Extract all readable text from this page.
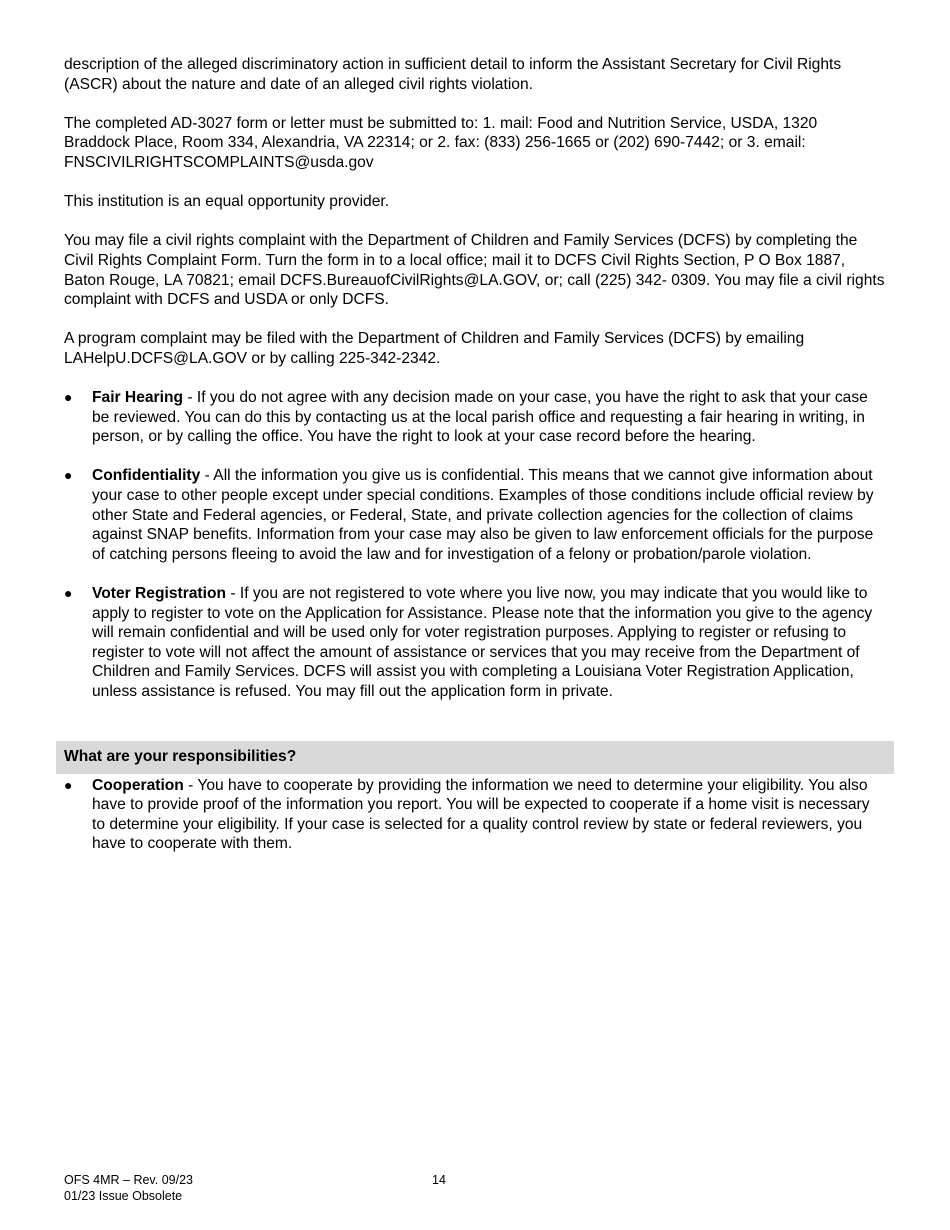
description of the alleged discriminatory action in sufficient detail to inform the Assistant Secretary for Civil Rights (ASCR) about the nature and date of an alleged civil rights violation.

The completed AD-3027 form or letter must be submitted to: 1. mail: Food and Nutrition Service, USDA, 1320 Braddock Place, Room 334, Alexandria, VA 22314; or 2. fax: (833) 256-1665 or (202) 690-7442; or 3. email: FNSCIVILRIGHTSCOMPLAINTS@usda.gov

This institution is an equal opportunity provider.

You may file a civil rights complaint with the Department of Children and Family Services (DCFS) by completing the Civil Rights Complaint Form. Turn the form in to a local office; mail it to DCFS Civil Rights Section, P O Box 1887, Baton Rouge, LA 70821; email DCFS.BureauofCivilRights@LA.GOV, or; call (225) 342- 0309. You may file a civil rights complaint with DCFS and USDA or only DCFS.

A program complaint may be filed with the Department of Children and Family Services (DCFS) by emailing LAHelpU.DCFS@LA.GOV or by calling 225-342-2342.

● Fair Hearing - If you do not agree with any decision made on your case, you have the right to ask that your case be reviewed. You can do this by contacting us at the local parish office and requesting a fair hearing in writing, in person, or by calling the office. You have the right to look at your case record before the hearing.
● Confidentiality - All the information you give us is confidential. This means that we cannot give information about your case to other people except under special conditions. Examples of those conditions include official review by other State and Federal agencies, or Federal, State, and private collection agencies for the collection of claims against SNAP benefits. Information from your case may also be given to law enforcement officials for the purpose of catching persons fleeing to avoid the law and for investigation of a felony or probation/parole violation.
● Voter Registration - If you are not registered to vote where you live now, you may indicate that you would like to apply to register to vote on the Application for Assistance. Please note that the information you give to the agency will remain confidential and will be used only for voter registration purposes. Applying to register or refusing to register to vote will not affect the amount of assistance or services that you may receive from the Department of Children and Family Services. DCFS will assist you with completing a Louisiana Voter Registration Application, unless assistance is refused. You may fill out the application form in private.
What are your responsibilities?
● Cooperation - You have to cooperate by providing the information we need to determine your eligibility. You also have to provide proof of the information you report. You will be expected to cooperate if a home visit is necessary to determine your eligibility. If your case is selected for a quality control review by state or federal reviewers, you have to cooperate with them.
OFS 4MR – Rev. 09/23
01/23 Issue Obsolete
14
